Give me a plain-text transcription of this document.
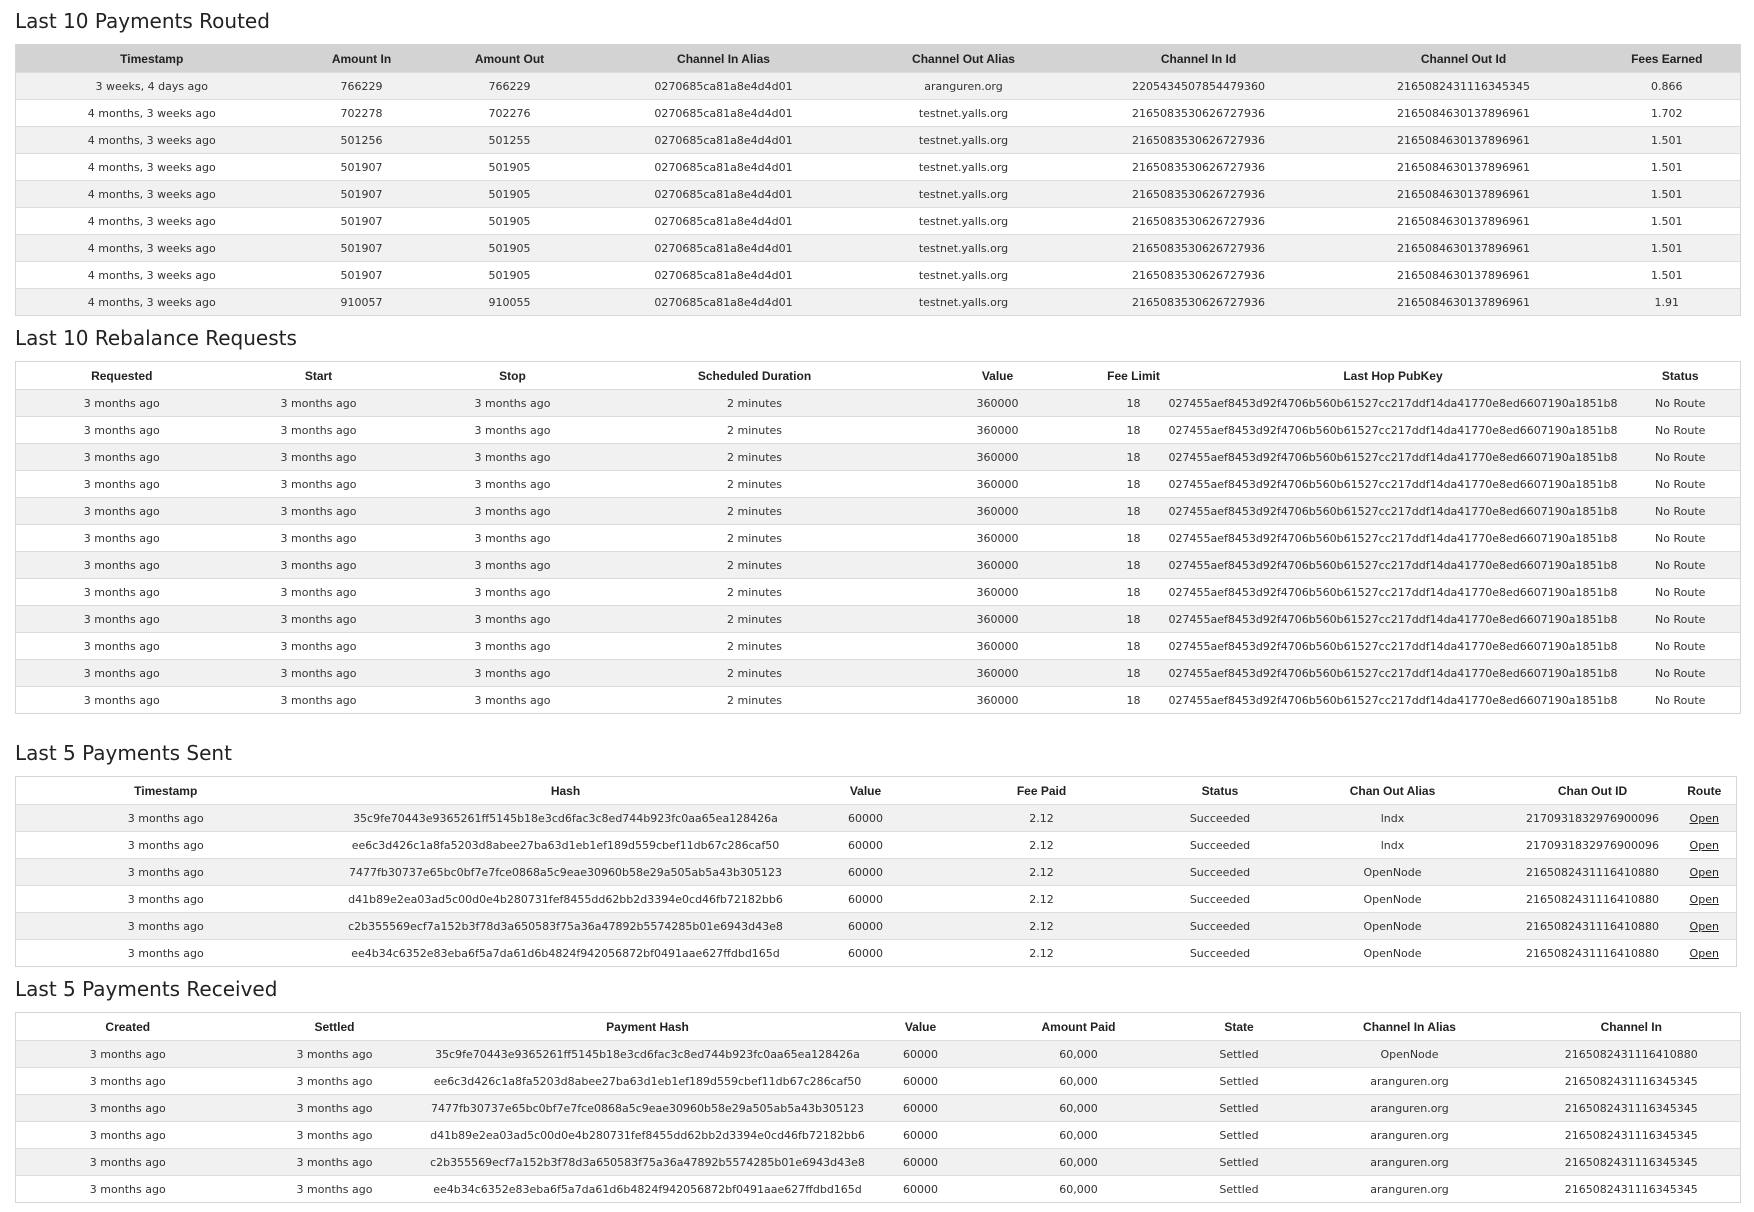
Last 10 Payments Routed
Timestamp	Amount In	Amount Out	Channel In Alias	Channel Out Alias	Channel In Id	Channel Out Id	Fees Earned
3 weeks, 4 days ago	766229	766229	0270685ca81a8e4d4d01	aranguren.org	2205434507854479360	2165082431116345345	0.866
4 months, 3 weeks ago	702278	702276	0270685ca81a8e4d4d01	testnet.yalls.org	2165083530626727936	2165084630137896961	1.702
4 months, 3 weeks ago	501256	501255	0270685ca81a8e4d4d01	testnet.yalls.org	2165083530626727936	2165084630137896961	1.501
4 months, 3 weeks ago	501907	501905	0270685ca81a8e4d4d01	testnet.yalls.org	2165083530626727936	2165084630137896961	1.501
4 months, 3 weeks ago	501907	501905	0270685ca81a8e4d4d01	testnet.yalls.org	2165083530626727936	2165084630137896961	1.501
4 months, 3 weeks ago	501907	501905	0270685ca81a8e4d4d01	testnet.yalls.org	2165083530626727936	2165084630137896961	1.501
4 months, 3 weeks ago	501907	501905	0270685ca81a8e4d4d01	testnet.yalls.org	2165083530626727936	2165084630137896961	1.501
4 months, 3 weeks ago	501907	501905	0270685ca81a8e4d4d01	testnet.yalls.org	2165083530626727936	2165084630137896961	1.501
4 months, 3 weeks ago	910057	910055	0270685ca81a8e4d4d01	testnet.yalls.org	2165083530626727936	2165084630137896961	1.91
Last 10 Rebalance Requests
Requested	Start	Stop	Scheduled Duration	Value	Fee Limit	Last Hop PubKey	Status
3 months ago	3 months ago	3 months ago	2 minutes	360000	18	027455aef8453d92f4706b560b61527cc217ddf14da41770e8ed6607190a1851b8	No Route
3 months ago	3 months ago	3 months ago	2 minutes	360000	18	027455aef8453d92f4706b560b61527cc217ddf14da41770e8ed6607190a1851b8	No Route
3 months ago	3 months ago	3 months ago	2 minutes	360000	18	027455aef8453d92f4706b560b61527cc217ddf14da41770e8ed6607190a1851b8	No Route
3 months ago	3 months ago	3 months ago	2 minutes	360000	18	027455aef8453d92f4706b560b61527cc217ddf14da41770e8ed6607190a1851b8	No Route
3 months ago	3 months ago	3 months ago	2 minutes	360000	18	027455aef8453d92f4706b560b61527cc217ddf14da41770e8ed6607190a1851b8	No Route
3 months ago	3 months ago	3 months ago	2 minutes	360000	18	027455aef8453d92f4706b560b61527cc217ddf14da41770e8ed6607190a1851b8	No Route
3 months ago	3 months ago	3 months ago	2 minutes	360000	18	027455aef8453d92f4706b560b61527cc217ddf14da41770e8ed6607190a1851b8	No Route
3 months ago	3 months ago	3 months ago	2 minutes	360000	18	027455aef8453d92f4706b560b61527cc217ddf14da41770e8ed6607190a1851b8	No Route
3 months ago	3 months ago	3 months ago	2 minutes	360000	18	027455aef8453d92f4706b560b61527cc217ddf14da41770e8ed6607190a1851b8	No Route
3 months ago	3 months ago	3 months ago	2 minutes	360000	18	027455aef8453d92f4706b560b61527cc217ddf14da41770e8ed6607190a1851b8	No Route
3 months ago	3 months ago	3 months ago	2 minutes	360000	18	027455aef8453d92f4706b560b61527cc217ddf14da41770e8ed6607190a1851b8	No Route
3 months ago	3 months ago	3 months ago	2 minutes	360000	18	027455aef8453d92f4706b560b61527cc217ddf14da41770e8ed6607190a1851b8	No Route
Last 5 Payments Sent
Timestamp	Hash	Value	Fee Paid	Status	Chan Out Alias	Chan Out ID	Route
3 months ago	35c9fe70443e9365261ff5145b18e3cd6fac3c8ed744b923fc0aa65ea128426a	60000	2.12	Succeeded	lndx	2170931832976900096	Open
3 months ago	ee6c3d426c1a8fa5203d8abee27ba63d1eb1ef189d559cbef11db67c286caf50	60000	2.12	Succeeded	lndx	2170931832976900096	Open
3 months ago	7477fb30737e65bc0bf7e7fce0868a5c9eae30960b58e29a505ab5a43b305123	60000	2.12	Succeeded	OpenNode	2165082431116410880	Open
3 months ago	d41b89e2ea03ad5c00d0e4b280731fef8455dd62bb2d3394e0cd46fb72182bb6	60000	2.12	Succeeded	OpenNode	2165082431116410880	Open
3 months ago	c2b355569ecf7a152b3f78d3a650583f75a36a47892b5574285b01e6943d43e8	60000	2.12	Succeeded	OpenNode	2165082431116410880	Open
3 months ago	ee4b34c6352e83eba6f5a7da61d6b4824f942056872bf0491aae627ffdbd165d	60000	2.12	Succeeded	OpenNode	2165082431116410880	Open
Last 5 Payments Received
Created	Settled	Payment Hash	Value	Amount Paid	State	Channel In Alias	Channel In
3 months ago	3 months ago	35c9fe70443e9365261ff5145b18e3cd6fac3c8ed744b923fc0aa65ea128426a	60000	60,000	Settled	OpenNode	2165082431116410880
3 months ago	3 months ago	ee6c3d426c1a8fa5203d8abee27ba63d1eb1ef189d559cbef11db67c286caf50	60000	60,000	Settled	aranguren.org	2165082431116345345
3 months ago	3 months ago	7477fb30737e65bc0bf7e7fce0868a5c9eae30960b58e29a505ab5a43b305123	60000	60,000	Settled	aranguren.org	2165082431116345345
3 months ago	3 months ago	d41b89e2ea03ad5c00d0e4b280731fef8455dd62bb2d3394e0cd46fb72182bb6	60000	60,000	Settled	aranguren.org	2165082431116345345
3 months ago	3 months ago	c2b355569ecf7a152b3f78d3a650583f75a36a47892b5574285b01e6943d43e8	60000	60,000	Settled	aranguren.org	2165082431116345345
3 months ago	3 months ago	ee4b34c6352e83eba6f5a7da61d6b4824f942056872bf0491aae627ffdbd165d	60000	60,000	Settled	aranguren.org	2165082431116345345
